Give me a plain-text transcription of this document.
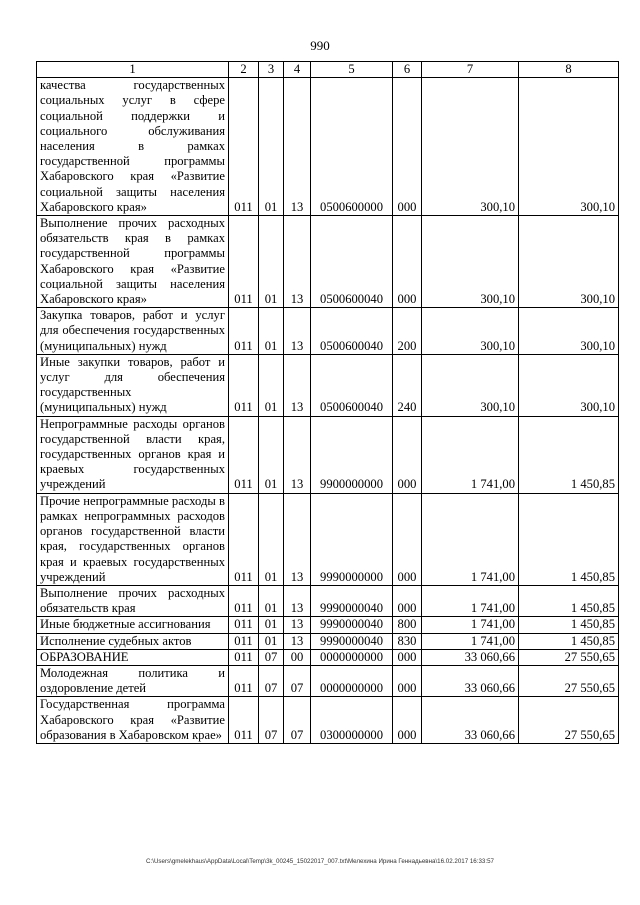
990
1	2	3	4	5	6	7	8
качества государственных социальных услуг в сфере социальной поддержки и социального обслуживания населения в рамках государственной программы Хабаровского края «Развитие социальной защиты населения Хабаровского края»	011	01	13	0500600000	000	300,10	300,10
Выполнение прочих расходных обязательств края в рамках государственной программы Хабаровского края «Развитие социальной защиты населения Хабаровского края»	011	01	13	0500600040	000	300,10	300,10
Закупка товаров, работ и услуг для обеспечения государственных (муниципальных) нужд	011	01	13	0500600040	200	300,10	300,10
Иные закупки товаров, работ и услуг для обеспечения государственных (муниципальных) нужд	011	01	13	0500600040	240	300,10	300,10
Непрограммные расходы органов государственной власти края, государственных органов края и краевых государственных учреждений	011	01	13	9900000000	000	1 741,00	1 450,85
Прочие непрограммные расходы в рамках непрограммных расходов органов государственной власти края, государственных органов края и краевых государственных учреждений	011	01	13	9990000000	000	1 741,00	1 450,85
Выполнение прочих расходных обязательств края	011	01	13	9990000040	000	1 741,00	1 450,85
Иные бюджетные ассигнования	011	01	13	9990000040	800	1 741,00	1 450,85
Исполнение судебных актов	011	01	13	9990000040	830	1 741,00	1 450,85
ОБРАЗОВАНИЕ	011	07	00	0000000000	000	33 060,66	27 550,65
Молодежная политика и оздоровление детей	011	07	07	0000000000	000	33 060,66	27 550,65
Государственная программа Хабаровского края «Развитие образования в Хабаровском крае»	011	07	07	0300000000	000	33 060,66	27 550,65
C:\Users\gmelekhaus\AppData\Local\Temp\3k_00245_15022017_007.txt\Мелехина Ирина Геннадьевна\16.02.2017 16:33:57
